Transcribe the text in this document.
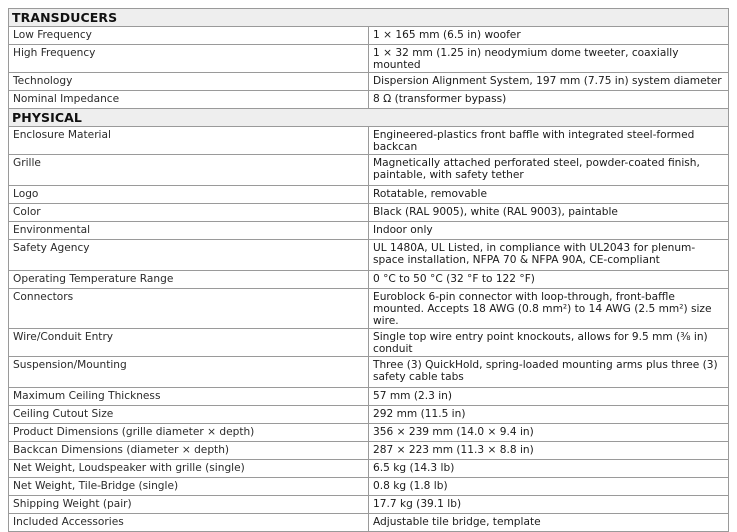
TRANSDUCERS	
Low Frequency	1 × 165 mm (6.5 in) woofer
High Frequency	1 × 32 mm (1.25 in) neodymium dome tweeter, coaxially mounted
Technology	Dispersion Alignment System, 197 mm (7.75 in) system diameter
Nominal Impedance	8 Ω (transformer bypass)
PHYSICAL	
Enclosure Material	Engineered-plastics front baffle with integrated steel-formed backcan
Grille	Magnetically attached perforated steel, powder-coated finish, paintable, with safety tether
Logo	Rotatable, removable
Color	Black (RAL 9005), white (RAL 9003), paintable
Environmental	Indoor only
Safety Agency	UL 1480A, UL Listed, in compliance with UL2043 for plenum-space installation, NFPA 70 & NFPA 90A, CE-compliant
Operating Temperature Range	0 °C to 50 °C (32 °F to 122 °F)
Connectors	Euroblock 6-pin connector with loop-through, front-baffle mounted. Accepts 18 AWG (0.8 mm²) to 14 AWG (2.5 mm²) size wire.
Wire/Conduit Entry	Single top wire entry point knockouts, allows for 9.5 mm (⅜ in) conduit
Suspension/Mounting	Three (3) QuickHold, spring-loaded mounting arms plus three (3) safety cable tabs
Maximum Ceiling Thickness	57 mm (2.3 in)
Ceiling Cutout Size	292 mm (11.5 in)
Product Dimensions (grille diameter × depth)	356 × 239 mm (14.0 × 9.4 in)
Backcan Dimensions (diameter × depth)	287 × 223 mm (11.3 × 8.8 in)
Net Weight, Loudspeaker with grille (single)	6.5 kg (14.3 lb)
Net Weight, Tile-Bridge (single)	0.8 kg (1.8 lb)
Shipping Weight (pair)	17.7 kg (39.1 lb)
Included Accessories	Adjustable tile bridge, template
